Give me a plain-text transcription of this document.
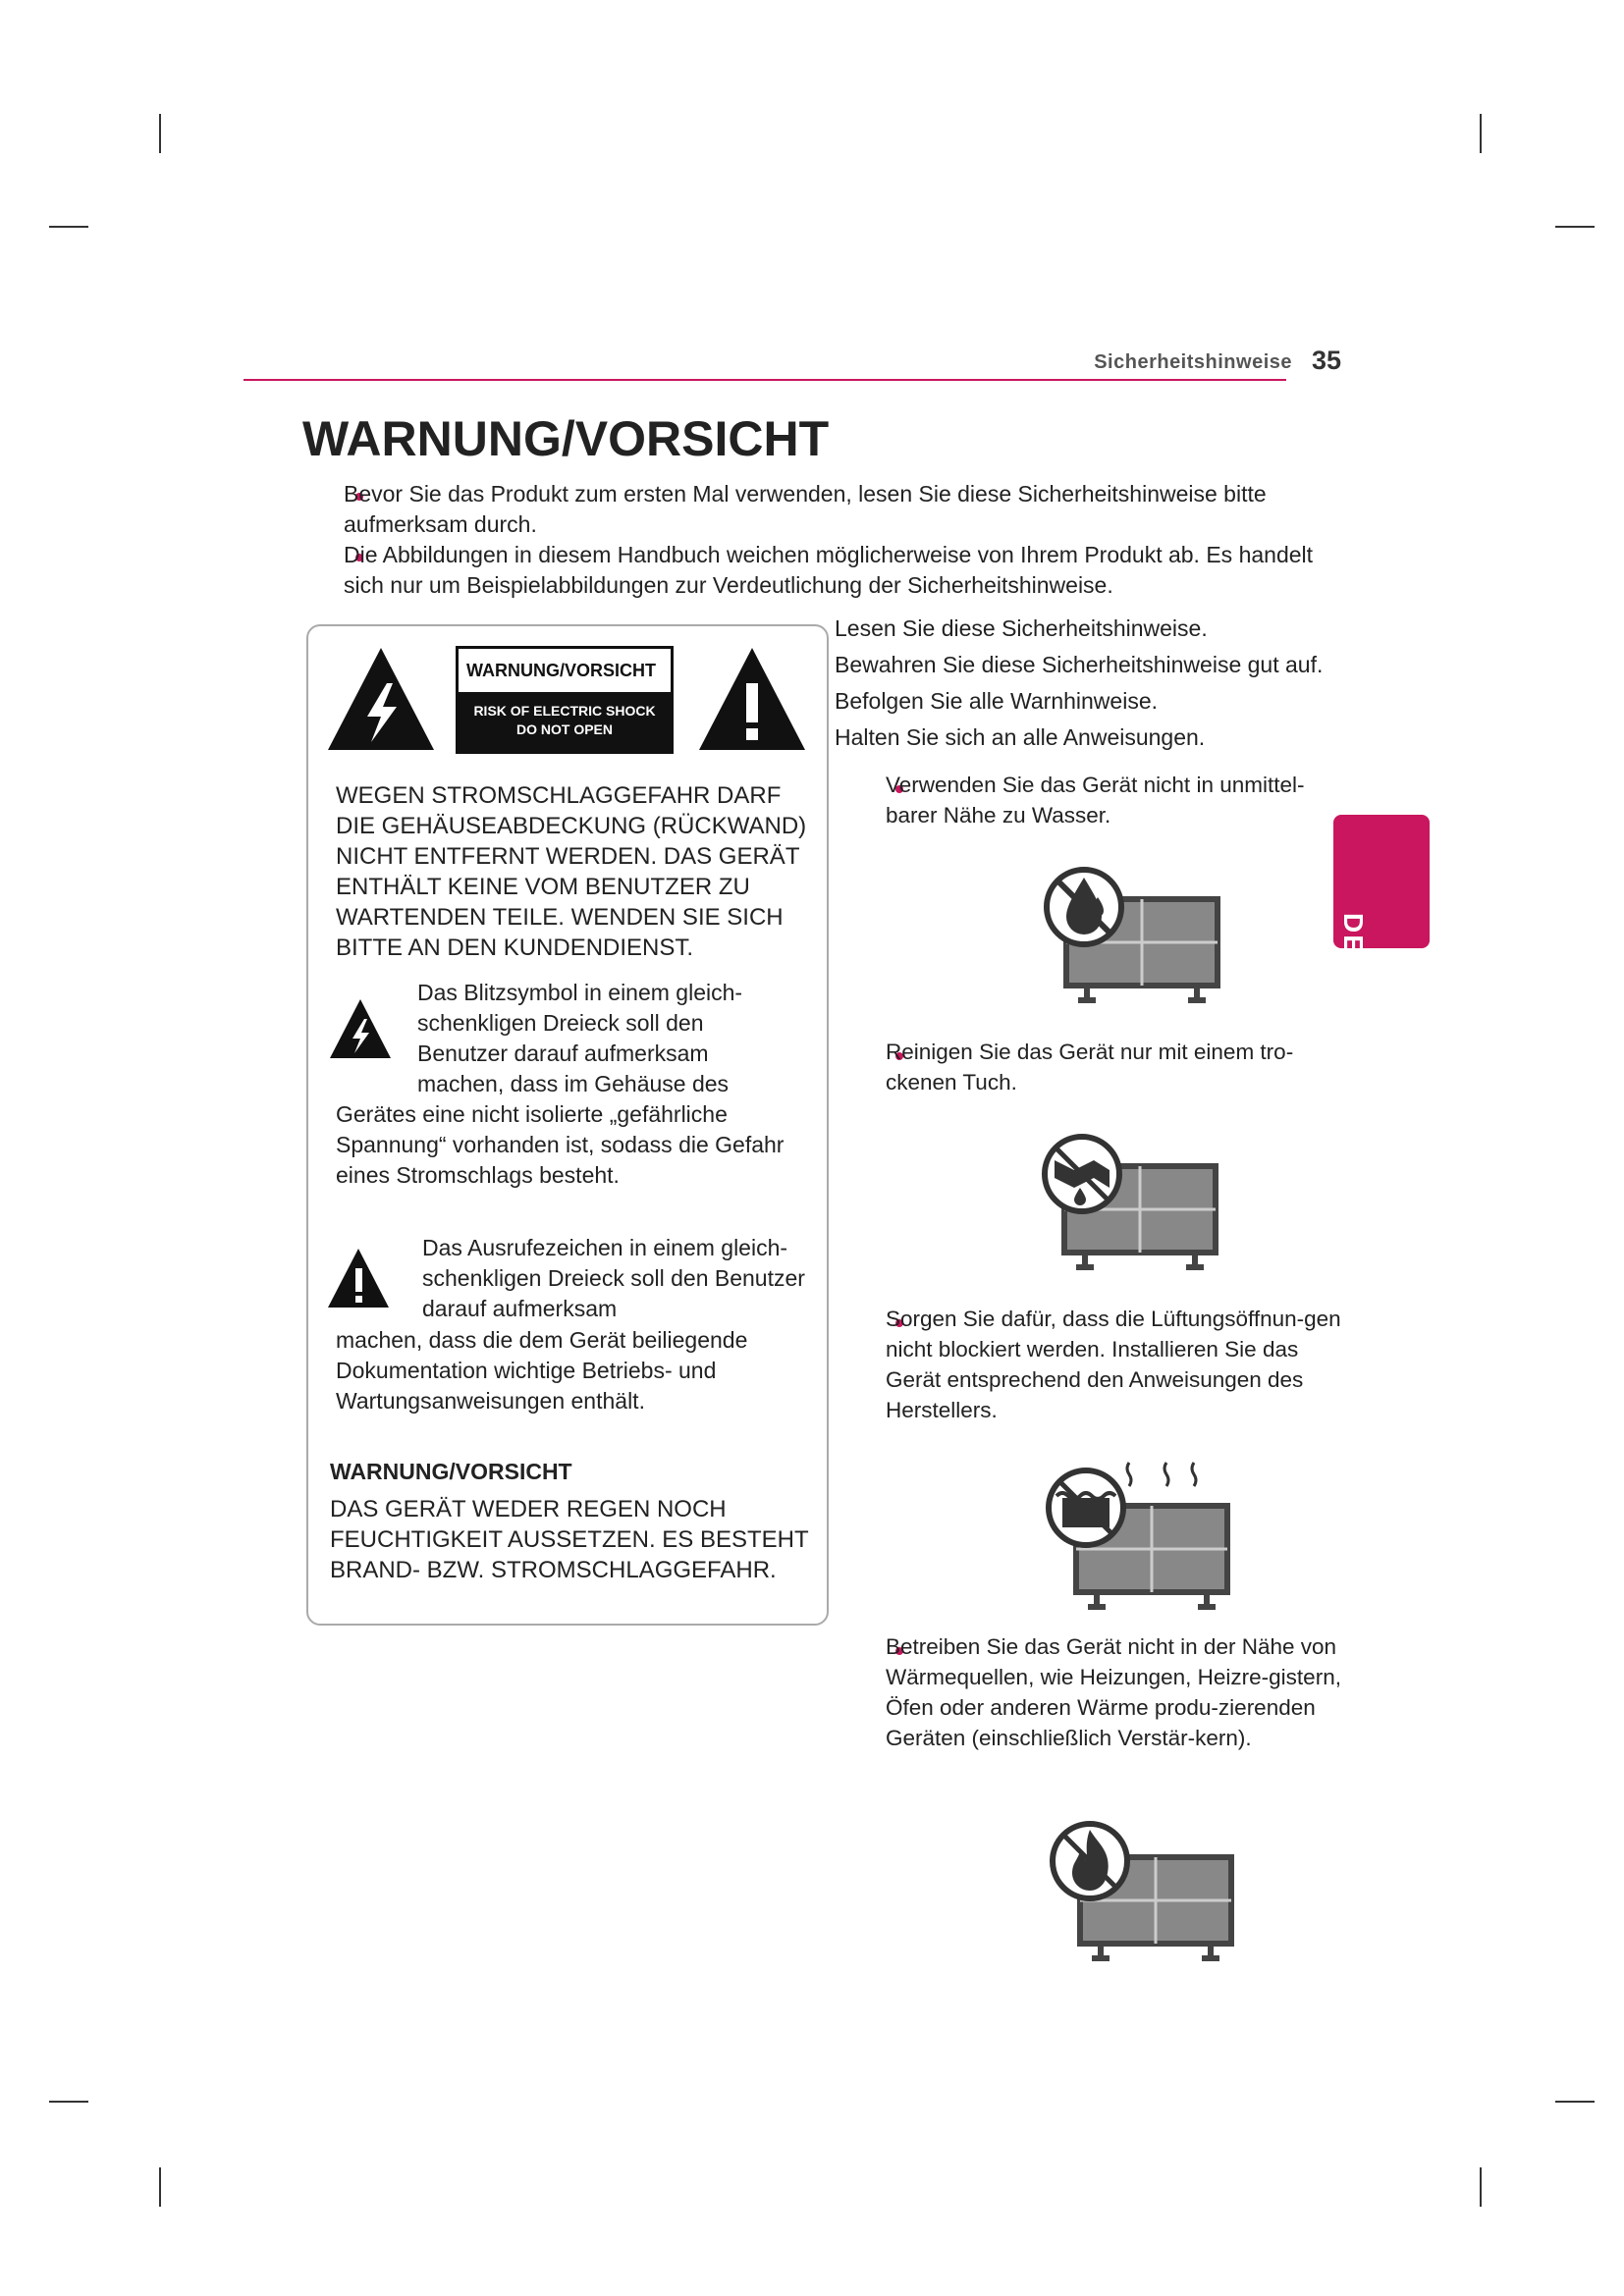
Sicherheitshinweise 35
WARNUNG/VORSICHT
Bevor Sie das Produkt zum ersten Mal verwenden, lesen Sie diese Sicherheitshinweise bitte aufmerksam durch.
Die Abbildungen in diesem Handbuch weichen möglicherweise von Ihrem Produkt ab. Es handelt sich nur um Beispielabbildungen zur Verdeutlichung der Sicherheitshinweise.
WARNUNG/VORSICHT
RISK OF ELECTRIC SHOCK
DO NOT OPEN
WEGEN STROMSCHLAGGEFAHR DARF DIE GEHÄUSEABDECKUNG (RÜCKWAND) NICHT ENTFERNT WERDEN. DAS GERÄT ENTHÄLT KEINE VOM BENUTZER ZU WARTENDEN TEILE. WENDEN SIE SICH BITTE AN DEN KUNDENDIENST.
Das Blitzsymbol in einem gleich-schenkligen Dreieck soll den Benutzer darauf aufmerksam machen, dass im Gehäuse des
Gerätes eine nicht isolierte „gefährliche Spannung“ vorhanden ist, sodass die Gefahr eines Stromschlags besteht.
Das Ausrufezeichen in einem gleich-schenkligen Dreieck soll den Benutzer darauf aufmerksam
machen, dass die dem Gerät beiliegende Dokumentation wichtige Betriebs- und Wartungsanweisungen enthält.
WARNUNG/VORSICHT
DAS GERÄT WEDER REGEN NOCH FEUCHTIGKEIT AUSSETZEN. ES BESTEHT BRAND- BZW. STROMSCHLAGGEFAHR.
Lesen Sie diese Sicherheitshinweise.
Bewahren Sie diese Sicherheitshinweise gut auf.
Befolgen Sie alle Warnhinweise.
Halten Sie sich an alle Anweisungen.
Verwenden Sie das Gerät nicht in unmittel-barer Nähe zu Wasser.
Reinigen Sie das Gerät nur mit einem tro-ckenen Tuch.
Sorgen Sie dafür, dass die Lüftungsöffnun-gen nicht blockiert werden. Installieren Sie das Gerät entsprechend den Anweisungen des Herstellers.
Betreiben Sie das Gerät nicht in der Nähe von Wärmequellen, wie Heizungen, Heizre-gistern, Öfen oder anderen Wärme produ-zierenden Geräten (einschließlich Verstär-kern).
DE
